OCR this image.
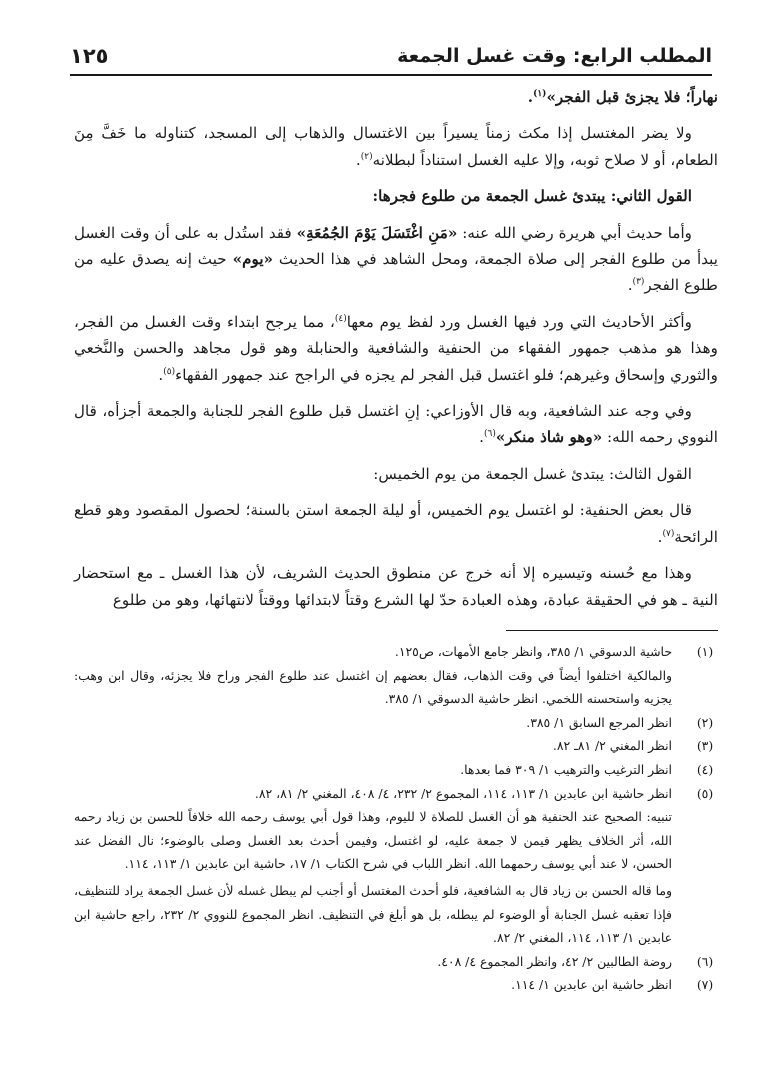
المطلب الرابع: وقت غسل الجمعة
١٢٥

نهاراً؛ فلا يجزئ قبل الفجر»$^{(١)}$.

ولا يضر المغتسل إذا مكث زمناً يسيراً بين الاغتسال والذهاب إلى المسجد، كتناوله ما خَفَّ مِنَ الطعام، أو لا صلاح ثوبه، وإلا عليه الغسل استناداً لبطلانه$^{(٢)}$.

القول الثاني: يبتدئ غسل الجمعة من طلوع فجرها:

وأما حديث أبي هريرة رضي الله عنه: «مَنِ اغْتَسَلَ يَوْمَ الجُمُعَةِ» فقد استُدل به على أن وقت الغسل يبدأ من طلوع الفجر إلى صلاة الجمعة، ومحل الشاهد في هذا الحديث «يوم» حيث إنه يصدق عليه من طلوع الفجر$^{(٣)}$.

وأكثر الأحاديث التي ورد فيها الغسل ورد لفظ يوم معها$^{(٤)}$، مما يرجح ابتداء وقت الغسل من الفجر، وهذا هو مذهب جمهور الفقهاء من الحنفية والشافعية والحنابلة وهو قول مجاهد والحسن والنَّخعي والثوري وإسحاق وغيرهم؛ فلو اغتسل قبل الفجر لم يجزه في الراجح عند جمهور الفقهاء$^{(٥)}$.

وفي وجه عند الشافعية، وبه قال الأوزاعي: إنِ اغتسل قبل طلوع الفجر للجنابة والجمعة أجزأه، قال النووي رحمه الله: «وهو شاذ منكر»$^{(٦)}$.

القول الثالث: يبتدئ غسل الجمعة من يوم الخميس:

قال بعض الحنفية: لو اغتسل يوم الخميس، أو ليلة الجمعة استن بالسنة؛ لحصول المقصود وهو قطع الرائحة$^{(٧)}$.

وهذا مع حُسنه وتيسيره إلا أنه خرج عن منطوق الحديث الشريف، لأن هذا الغسل ـ مع استحضار النية ـ هو في الحقيقة عبادة، وهذه العبادة حدّ لها الشرع وقتاً لابتدائها ووقتاً لانتهائها، وهو من طلوع

(١)
حاشية الدسوقي ١/ ٣٨٥، وانظر جامع الأمهات، ص١٢٥.
والمالكية اختلفوا أيضاً في وقت الذهاب، فقال بعضهم إن اغتسل عند طلوع الفجر وراح فلا يجزئه، وقال ابن وهب: يجزيه واستحسنه اللخمي. انظر حاشية الدسوقي ١/ ٣٨٥.
(٢)
انظر المرجع السابق ١/ ٣٨٥.
(٣)
انظر المغني ٢/ ٨١ـ ٨٢.
(٤)
انظر الترغيب والترهيب ١/ ٣٠٩ فما بعدها.
(٥)
انظر حاشية ابن عابدين ١/ ١١٣، ١١٤، المجموع ٢/ ٢٣٢، ٤/ ٤٠٨، المغني ٢/ ٨١، ٨٢.
تنبيه: الصحيح عند الحنفية هو أن الغسل للصلاة لا لليوم، وهذا قول أبي يوسف رحمه الله خلافاً للحسن بن زياد رحمه الله، أثر الخلاف يظهر فيمن لا جمعة عليه، لو اغتسل، وفيمن أحدث بعد الغسل وصلى بالوضوء؛ نال الفضل عند الحسن، لا عند أبي يوسف رحمهما الله. انظر اللباب في شرح الكتاب ١/ ١٧، حاشية ابن عابدين ١/ ١١٣، ١١٤.
وما قاله الحسن بن زياد قال به الشافعية، فلو أحدث المغتسل أو أجنب لم يبطل غسله لأن غسل الجمعة يراد للتنظيف، فإذا تعقبه غسل الجنابة أو الوضوء لم يبطله، بل هو أبلغ في التنظيف. انظر المجموع للنووي ٢/ ٢٣٢، راجع حاشية ابن عابدين ١/ ١١٣، ١١٤، المغني ٢/ ٨٢.
(٦)
روضة الطالبين ٢/ ٤٢، وانظر المجموع ٤/ ٤٠٨.
(٧)
انظر حاشية ابن عابدين ١/ ١١٤.
